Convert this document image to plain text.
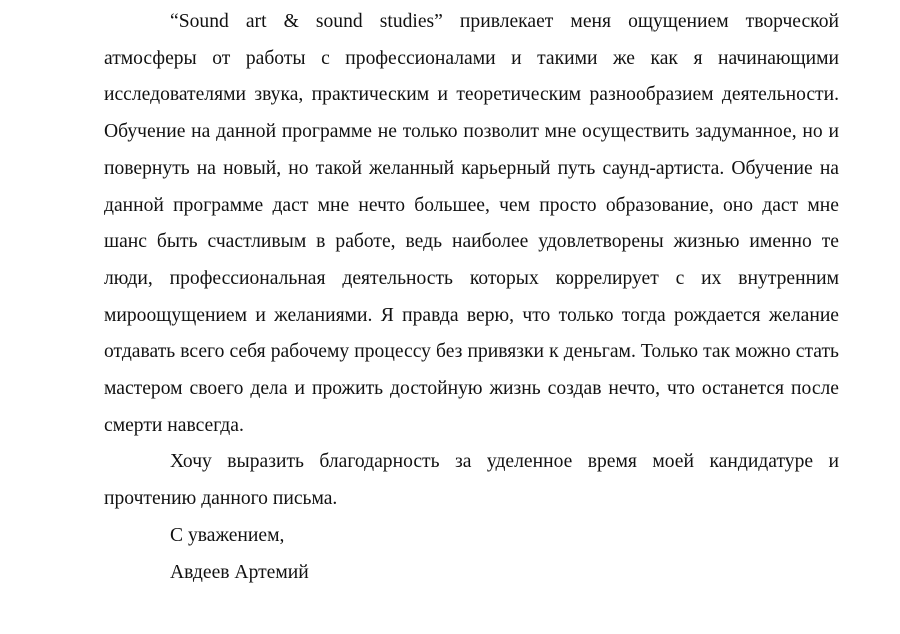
“Sound art & sound studies” привлекает меня ощущением творческой атмосферы от работы с профессионалами и такими же как я начинающими исследователями звука, практическим и теоретическим разнообразием деятельности. Обучение на данной программе не только позволит мне осуществить задуманное, но и повернуть на новый, но такой желанный карьерный путь саунд-артиста. Обучение на данной программе даст мне нечто большее, чем просто образование, оно даст мне шанс быть счастливым в работе, ведь наиболее удовлетворены жизнью именно те люди, профессиональная деятельность которых коррелирует с их внутренним мироощущением и желаниями. Я правда верю, что только тогда рождается желание отдавать всего себя рабочему процессу без привязки к деньгам. Только так можно стать мастером своего дела и прожить достойную жизнь создав нечто, что останется после смерти навсегда.

Хочу выразить благодарность за уделенное время моей кандидатуре и прочтению данного письма.

С уважением,

Авдеев Артемий
